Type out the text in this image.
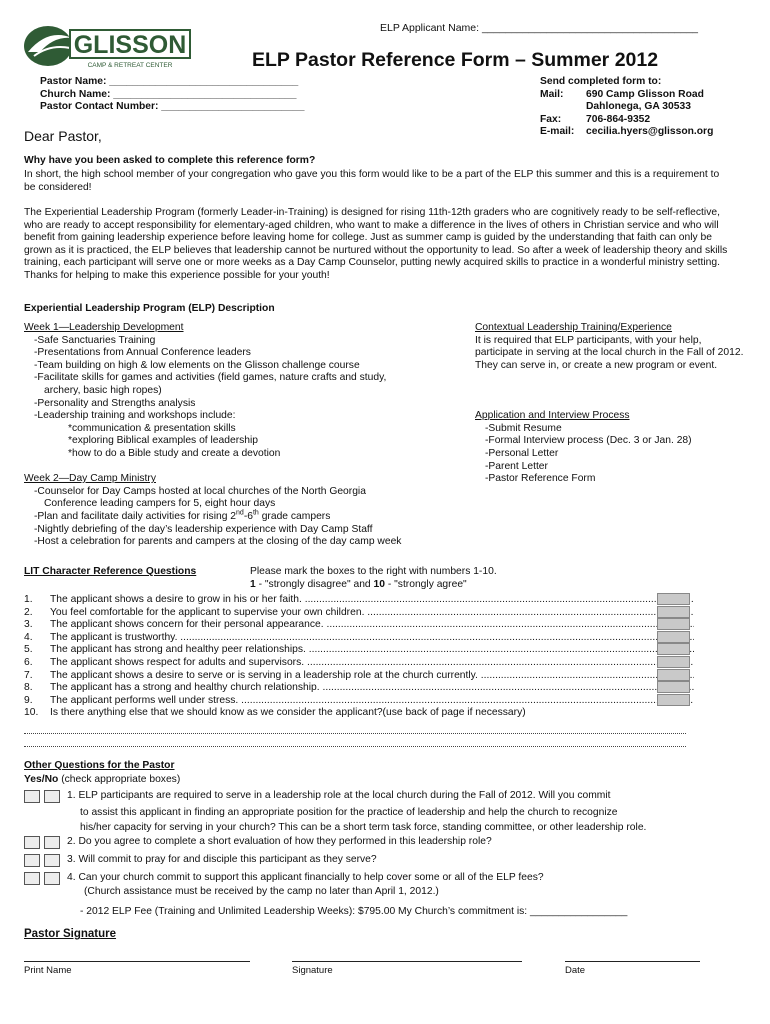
GLISSON
CAMP & RETREAT CENTER
ELP Applicant Name: _____________________________________
ELP Pastor Reference Form – Summer 2012
Pastor Name: _________________________________
Church Name: ________________________________
Pastor Contact Number: _________________________
Send completed form to:
Mail:	690 Camp Glisson Road
Dahlonega, GA 30533
Fax:	706-864-9352
E-mail:	cecilia.hyers@glisson.org
Dear Pastor,
Why have you been asked to complete this reference form?
In short, the high school member of your congregation who gave you this form would like to be a part of the ELP this summer and this is a requirement to be considered!
The Experiential Leadership Program (formerly Leader-in-Training) is designed for rising 11th-12th graders who are cognitively ready to be self-reflective, who are ready to accept responsibility for elementary-aged children, who want to make a difference in the lives of others in Christian service and who will benefit from gaining leadership experience before leaving home for college. Just as summer camp is guided by the understanding that faith can only be grown as it is practiced, the ELP believes that leadership cannot be nurtured without the opportunity to lead. So after a week of leadership theory and skills training, each participant will serve one or more weeks as a Day Camp Counselor, putting newly acquired skills to practice in a wonderful ministry setting. Thanks for helping to make this experience possible for your youth!
Experiential Leadership Program (ELP) Description
Week 1—Leadership Development
-Safe Sanctuaries Training
-Presentations from Annual Conference leaders
-Team building on high & low elements on the Glisson challenge course
-Facilitate skills for games and activities (field games, nature crafts and study,
archery, basic high ropes)
-Personality and Strengths analysis
-Leadership training and workshops include:
*communication & presentation skills
*exploring Biblical examples of leadership
*how to do a Bible study and create a devotion
Week 2—Day Camp Ministry
-Counselor for Day Camps hosted at local churches of the North Georgia
Conference leading campers for 5, eight hour days
-Plan and facilitate daily activities for rising 2nd-6th grade campers
-Nightly debriefing of the day’s leadership experience with Day Camp Staff
-Host a celebration for parents and campers at the closing of the day camp week
Contextual Leadership Training/Experience
It is required that ELP participants, with your help, participate in serving at the local church in the Fall of 2012. They can serve in, or create a new program or event.
Application and Interview Process
-Submit Resume
-Formal Interview process (Dec. 3 or Jan. 28)
-Personal Letter
-Parent Letter
-Pastor Reference Form
LIT Character Reference Questions	Please mark the boxes to the right with numbers 1-10.
1 - "strongly disagree" and 10 - "strongly agree"
1.	The applicant shows a desire to grow in his or her faith. .....
2.	You feel comfortable for the applicant to supervise your own children. .....
3.	The applicant shows concern for their personal appearance. .....
4.	The applicant is trustworthy. .....
5.	The applicant has strong and healthy peer relationships. .....
6.	The applicant shows respect for adults and supervisors. .....
7.	The applicant shows a desire to serve or is serving in a leadership role at the church currently. .....
8.	The applicant has a strong and healthy church relationship. .....
9.	The applicant performs well under stress. .....
10.	Is there anything else that we should know as we consider the applicant?(use back of page if necessary)
Other Questions for the Pastor
Yes/No (check appropriate boxes)
1. ELP participants are required to serve in a leadership role at the local church during the Fall of 2012. Will you commit
to assist this applicant in finding an appropriate position for the practice of leadership and help the church to recognize
his/her capacity for serving in your church? This can be a short term task force, standing committee, or other leadership role.
2. Do you agree to complete a short evaluation of how they performed in this leadership role?
3. Will commit to pray for and disciple this participant as they serve?
4. Can your church commit to support this applicant financially to help cover some or all of the ELP fees?
(Church assistance must be received by the camp no later than April 1, 2012.)
- 2012 ELP Fee (Training and Unlimited Leadership Weeks): $795.00 My Church’s commitment is: _________________
Pastor Signature
Print Name	Signature	Date
